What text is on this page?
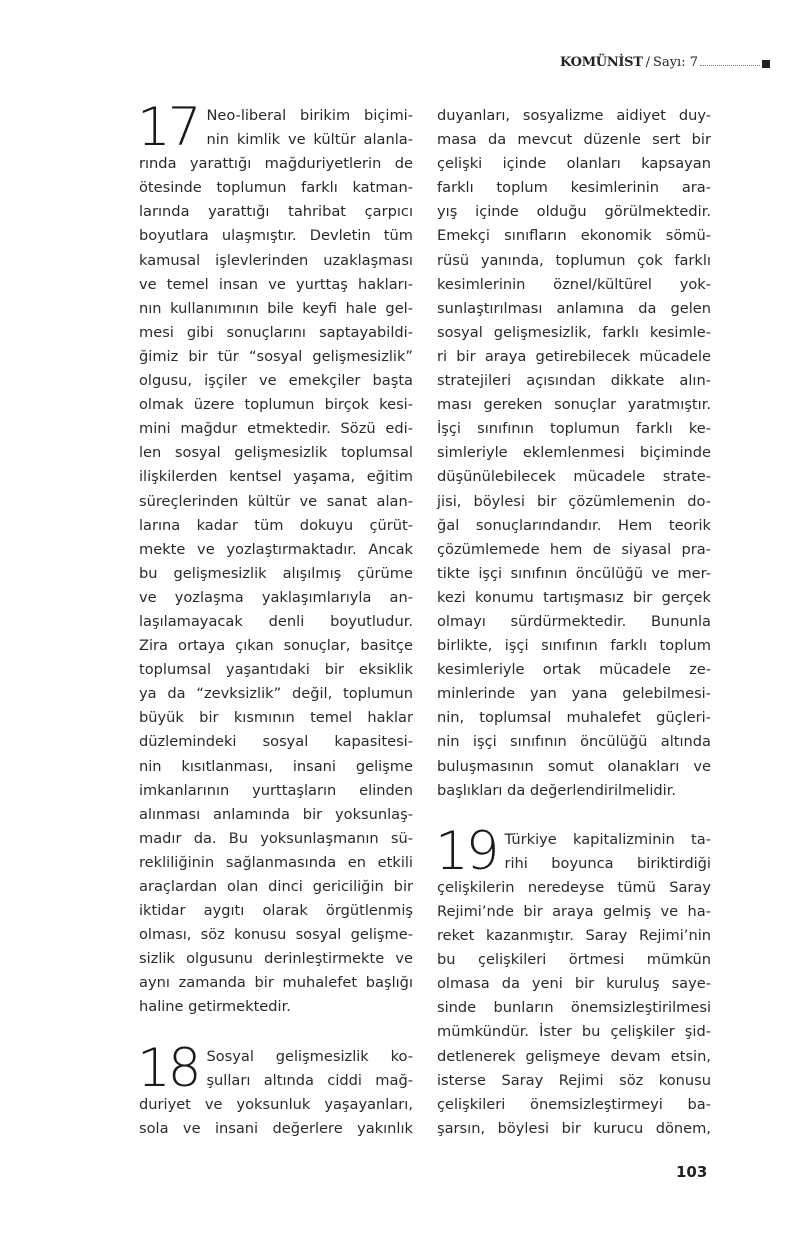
KOMÜNİST / Sayı: 7
17 Neo-liberal birikim biçimi-
nin kimlik ve kültür alanla-
rında yarattığı mağduriyetlerin de
ötesinde toplumun farklı katman-
larında yarattığı tahribat çarpıcı
boyutlara ulaşmıştır. Devletin tüm
kamusal işlevlerinden uzaklaşması
ve temel insan ve yurttaş hakları-
nın kullanımının bile keyfi hale gel-
mesi gibi sonuçlarını saptayabildi-
ğimiz bir tür “sosyal gelişmesizlik”
olgusu, işçiler ve emekçiler başta
olmak üzere toplumun birçok kesi-
mini mağdur etmektedir. Sözü edi-
len sosyal gelişmesizlik toplumsal
ilişkilerden kentsel yaşama, eğitim
süreçlerinden kültür ve sanat alan-
larına kadar tüm dokuyu çürüt-
mekte ve yozlaştırmaktadır. Ancak
bu gelişmesizlik alışılmış çürüme
ve yozlaşma yaklaşımlarıyla an-
laşılamayacak denli boyutludur.
Zira ortaya çıkan sonuçlar, basitçe
toplumsal yaşantıdaki bir eksiklik
ya da “zevksizlik” değil, toplumun
büyük bir kısmının temel haklar
düzlemindeki sosyal kapasitesi-
nin kısıtlanması, insani gelişme
imkanlarının yurttaşların elinden
alınması anlamında bir yoksunlaş-
madır da. Bu yoksunlaşmanın sü-
rekliliğinin sağlanmasında en etkili
araçlardan olan dinci gericiliğin bir
iktidar aygıtı olarak örgütlenmiş
olması, söz konusu sosyal gelişme-
sizlik olgusunu derinleştirmekte ve
aynı zamanda bir muhalefet başlığı
haline getirmektedir.
18 Sosyal gelişmesizlik ko-
şulları altında ciddi mağ-
duriyet ve yoksunluk yaşayanları,
sola ve insani değerlere yakınlık
duyanları, sosyalizme aidiyet duy-
masa da mevcut düzenle sert bir
çelişki içinde olanları kapsayan
farklı toplum kesimlerinin ara-
yış içinde olduğu görülmektedir.
Emekçi sınıfların ekonomik sömü-
rüsü yanında, toplumun çok farklı
kesimlerinin öznel/kültürel yok-
sunlaştırılması anlamına da gelen
sosyal gelişmesizlik, farklı kesimle-
ri bir araya getirebilecek mücadele
stratejileri açısından dikkate alın-
ması gereken sonuçlar yaratmıştır.
İşçi sınıfının toplumun farklı ke-
simleriyle eklemlenmesi biçiminde
düşünülebilecek mücadele strate-
jisi, böylesi bir çözümlemenin do-
ğal sonuçlarındandır. Hem teorik
çözümlemede hem de siyasal pra-
tikte işçi sınıfının öncülüğü ve mer-
kezi konumu tartışmasız bir gerçek
olmayı sürdürmektedir. Bununla
birlikte, işçi sınıfının farklı toplum
kesimleriyle ortak mücadele ze-
minlerinde yan yana gelebilmesi-
nin, toplumsal muhalefet güçleri-
nin işçi sınıfının öncülüğü altında
buluşmasının somut olanakları ve
başlıkları da değerlendirilmelidir.
19 Türkiye kapitalizminin ta-
rihi boyunca biriktirdiği
çelişkilerin neredeyse tümü Saray
Rejimi’nde bir araya gelmiş ve ha-
reket kazanmıştır. Saray Rejimi’nin
bu çelişkileri örtmesi mümkün
olmasa da yeni bir kuruluş saye-
sinde bunların önemsizleştirilmesi
mümkündür. İster bu çelişkiler şid-
detlenerek gelişmeye devam etsin,
isterse Saray Rejimi söz konusu
çelişkileri önemsizleştirmeyi ba-
şarsın, böylesi bir kurucu dönem,
103
